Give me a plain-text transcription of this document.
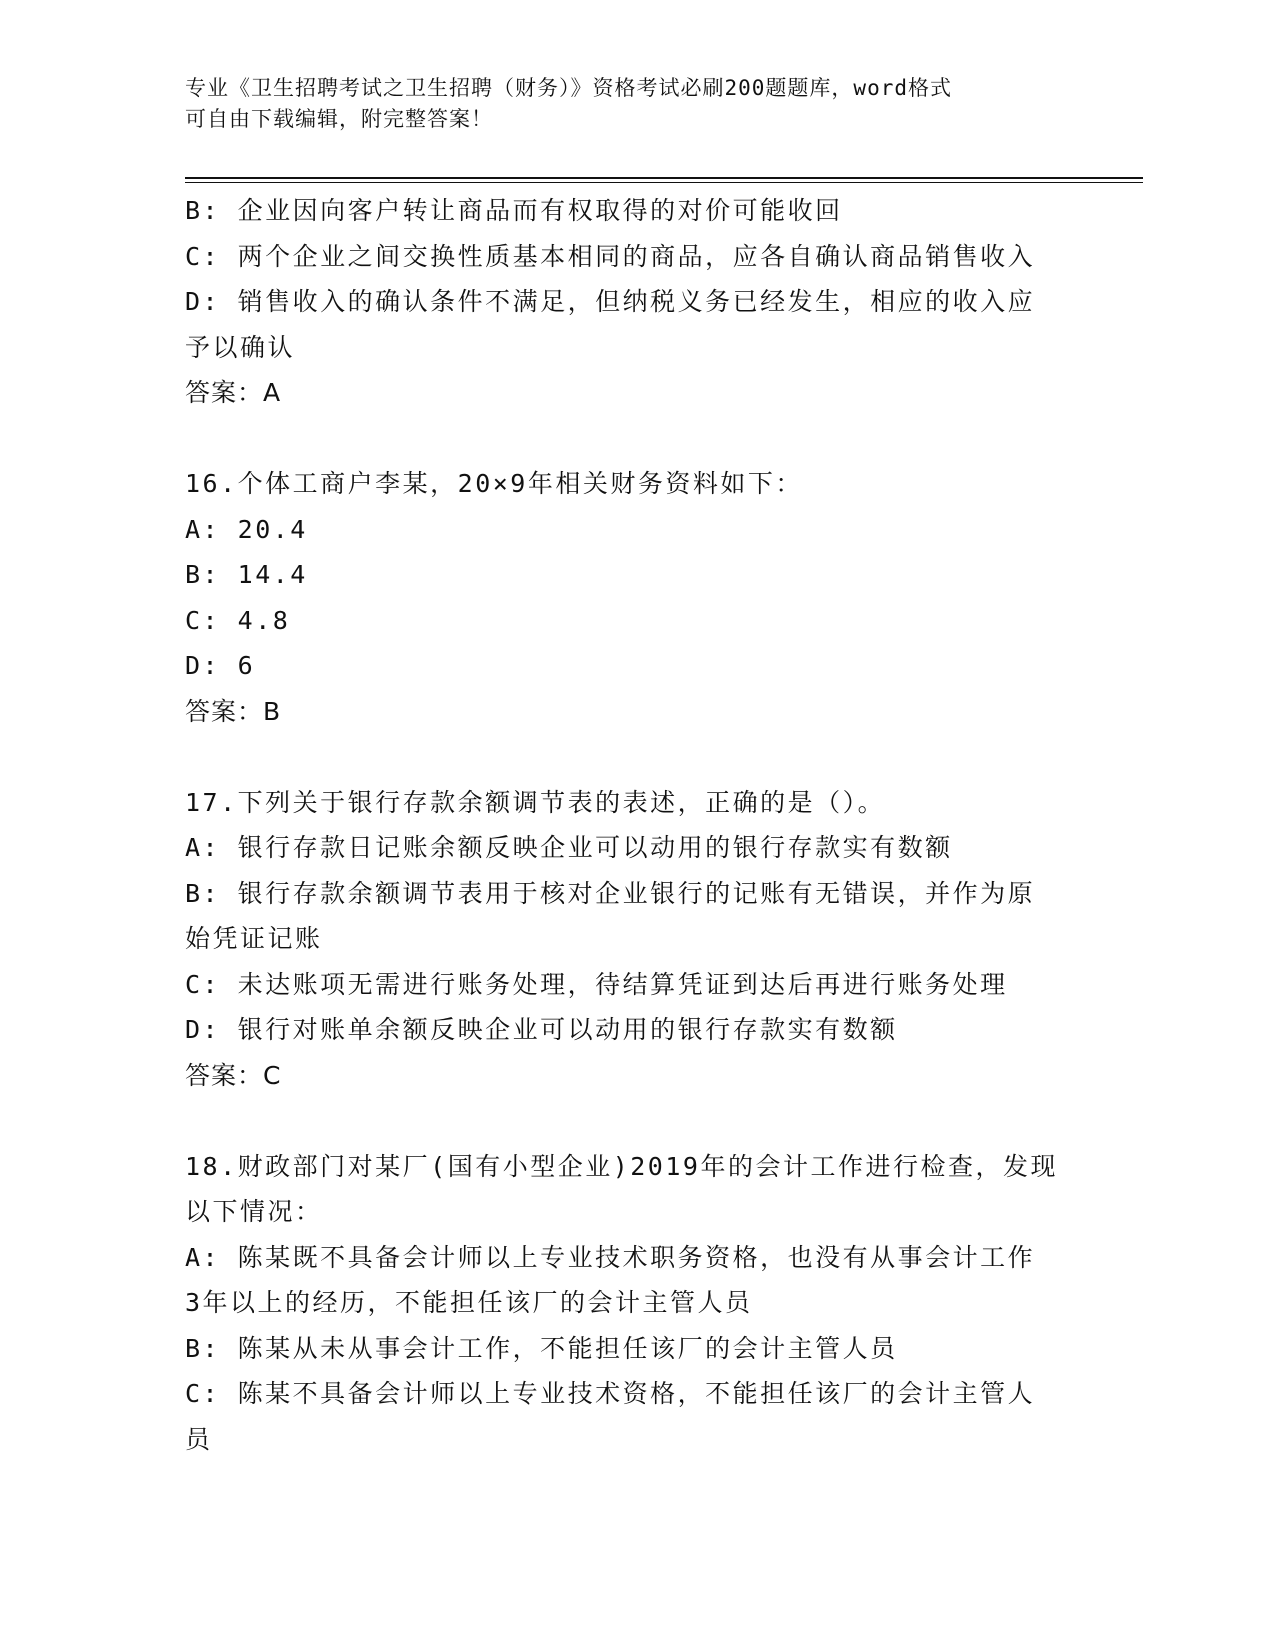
专业《卫生招聘考试之卫生招聘（财务）》资格考试必刷200题题库，word格式
可自由下载编辑，附完整答案！

B: 企业因向客户转让商品而有权取得的对价可能收回

C: 两个企业之间交换性质基本相同的商品，应各自确认商品销售收入

D: 销售收入的确认条件不满足，但纳税义务已经发生，相应的收入应

予以确认

答案：A

16.个体工商户李某，20×9年相关财务资料如下：

A: 20.4

B: 14.4

C: 4.8

D: 6

答案：B

17.下列关于银行存款余额调节表的表述，正确的是（）。

A: 银行存款日记账余额反映企业可以动用的银行存款实有数额

B: 银行存款余额调节表用于核对企业银行的记账有无错误，并作为原

始凭证记账

C: 未达账项无需进行账务处理，待结算凭证到达后再进行账务处理

D: 银行对账单余额反映企业可以动用的银行存款实有数额

答案：C

18.财政部门对某厂(国有小型企业)2019年的会计工作进行检查，发现

以下情况：

A: 陈某既不具备会计师以上专业技术职务资格，也没有从事会计工作

3年以上的经历，不能担任该厂的会计主管人员

B: 陈某从未从事会计工作，不能担任该厂的会计主管人员

C: 陈某不具备会计师以上专业技术资格，不能担任该厂的会计主管人

员
